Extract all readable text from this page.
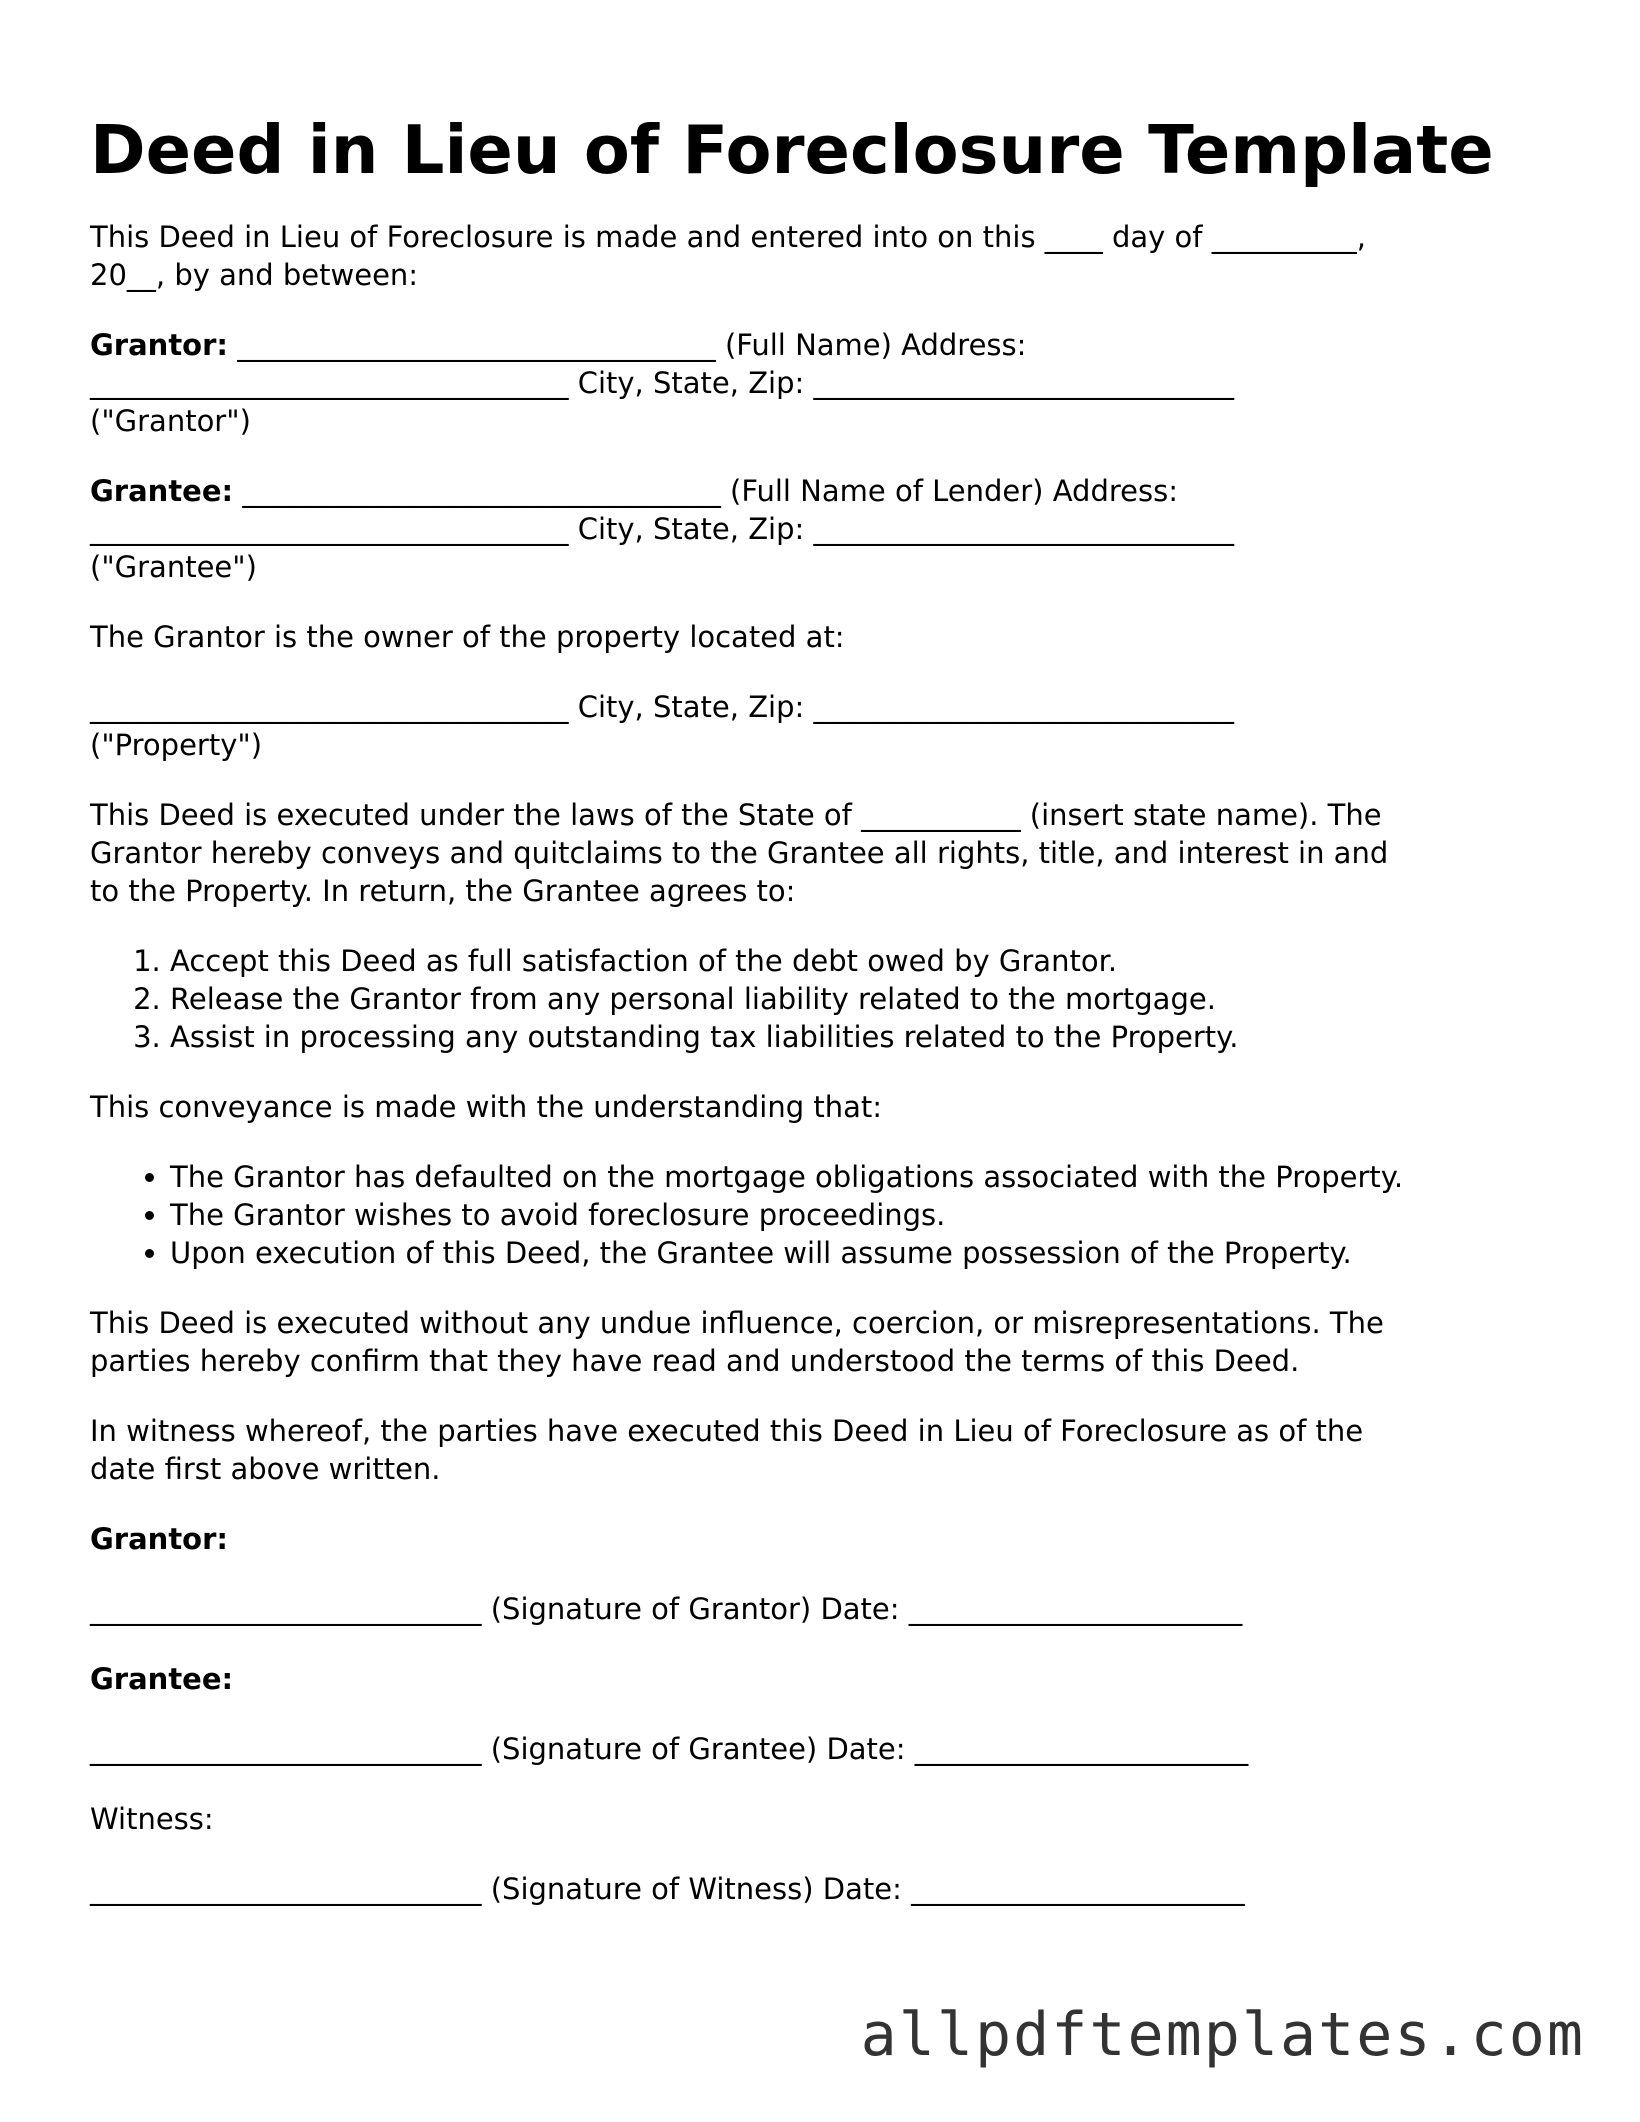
Deed in Lieu of Foreclosure Template

This Deed in Lieu of Foreclosure is made and entered into on this ____ day of __________,
20__, by and between:

Grantor: _________________________________ (Full Name) Address:
_________________________________ City, State, Zip: _____________________________
("Grantor")

Grantee: _________________________________ (Full Name of Lender) Address:
_________________________________ City, State, Zip: _____________________________
("Grantee")

The Grantor is the owner of the property located at:

_________________________________ City, State, Zip: _____________________________
("Property")

This Deed is executed under the laws of the State of ___________ (insert state name). The
Grantor hereby conveys and quitclaims to the Grantee all rights, title, and interest in and
to the Property. In return, the Grantee agrees to:

1. Accept this Deed as full satisfaction of the debt owed by Grantor.
2. Release the Grantor from any personal liability related to the mortgage.
3. Assist in processing any outstanding tax liabilities related to the Property.

This conveyance is made with the understanding that:

• The Grantor has defaulted on the mortgage obligations associated with the Property.
• The Grantor wishes to avoid foreclosure proceedings.
• Upon execution of this Deed, the Grantee will assume possession of the Property.

This Deed is executed without any undue influence, coercion, or misrepresentations. The
parties hereby confirm that they have read and understood the terms of this Deed.

In witness whereof, the parties have executed this Deed in Lieu of Foreclosure as of the
date first above written.

Grantor:

___________________________ (Signature of Grantor) Date: _______________________

Grantee:

___________________________ (Signature of Grantee) Date: _______________________

Witness:

___________________________ (Signature of Witness) Date: _______________________

allpdftemplates.com
